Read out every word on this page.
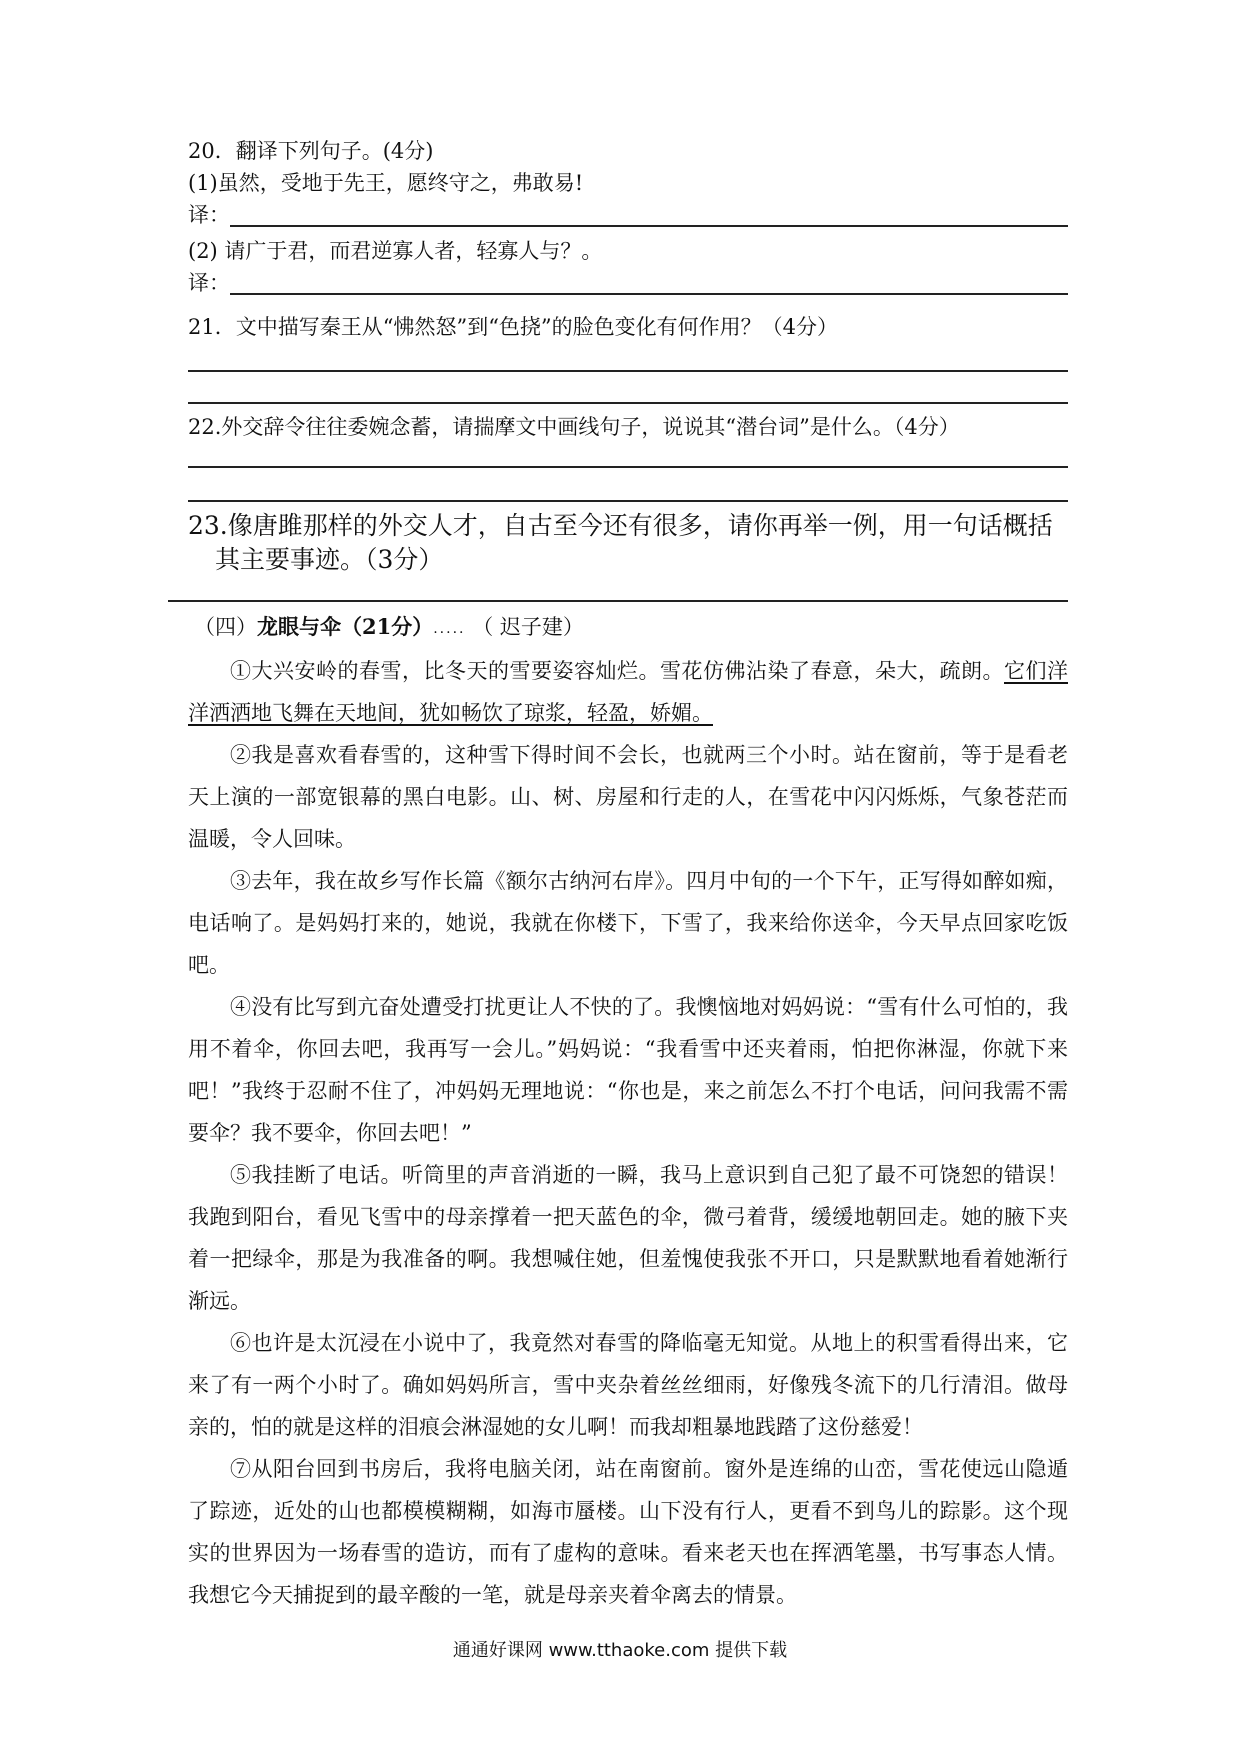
20．翻译下列句子。(4分)
(1)虽然，受地于先王，愿终守之，弗敢易!
译：
(2) 请广于君，而君逆寡人者，轻寡人与？。
译：
21．文中描写秦王从“怫然怒”到“色挠”的脸色变化有何作用？（4分）
22.外交辞令往往委婉念蓄，请揣摩文中画线句子，说说其“潜台词”是什么。（4分）
23.像唐雎那样的外交人才，自古至今还有很多，请你再举一例，用一句话概括
其主要事迹。（3分）
（四）龙眼与伞（21分）..... （ 迟子建）

①大兴安岭的春雪，比冬天的雪要姿容灿烂。雪花仿佛沾染了春意，朵大，疏朗。它们洋洋洒洒地飞舞在天地间，犹如畅饮了琼浆，轻盈，娇媚。

②我是喜欢看春雪的，这种雪下得时间不会长，也就两三个小时。站在窗前，等于是看老天上演的一部宽银幕的黑白电影。山、树、房屋和行走的人，在雪花中闪闪烁烁，气象苍茫而温暖，令人回味。

③去年，我在故乡写作长篇《额尔古纳河右岸》。四月中旬的一个下午，正写得如醉如痴，电话响了。是妈妈打来的，她说，我就在你楼下，下雪了，我来给你送伞，今天早点回家吃饭吧。

④没有比写到亢奋处遭受打扰更让人不快的了。我懊恼地对妈妈说：“雪有什么可怕的，我用不着伞，你回去吧，我再写一会儿。”妈妈说：“我看雪中还夹着雨，怕把你淋湿，你就下来吧！”我终于忍耐不住了，冲妈妈无理地说：“你也是，来之前怎么不打个电话，问问我需不需要伞？我不要伞，你回去吧！”

⑤我挂断了电话。听筒里的声音消逝的一瞬，我马上意识到自己犯了最不可饶恕的错误！我跑到阳台，看见飞雪中的母亲撑着一把天蓝色的伞，微弓着背，缓缓地朝回走。她的腋下夹着一把绿伞，那是为我准备的啊。我想喊住她，但羞愧使我张不开口，只是默默地看着她渐行渐远。

⑥也许是太沉浸在小说中了，我竟然对春雪的降临毫无知觉。从地上的积雪看得出来，它来了有一两个小时了。确如妈妈所言，雪中夹杂着丝丝细雨，好像残冬流下的几行清泪。做母亲的，怕的就是这样的泪痕会淋湿她的女儿啊！而我却粗暴地践踏了这份慈爱！

⑦从阳台回到书房后，我将电脑关闭，站在南窗前。窗外是连绵的山峦，雪花使远山隐遁了踪迹，近处的山也都模模糊糊，如海市蜃楼。山下没有行人，更看不到鸟儿的踪影。这个现实的世界因为一场春雪的造访，而有了虚构的意味。看来老天也在挥洒笔墨，书写事态人情。我想它今天捕捉到的最辛酸的一笔，就是母亲夹着伞离去的情景。

通通好课网 www.tthaoke.com 提供下载
